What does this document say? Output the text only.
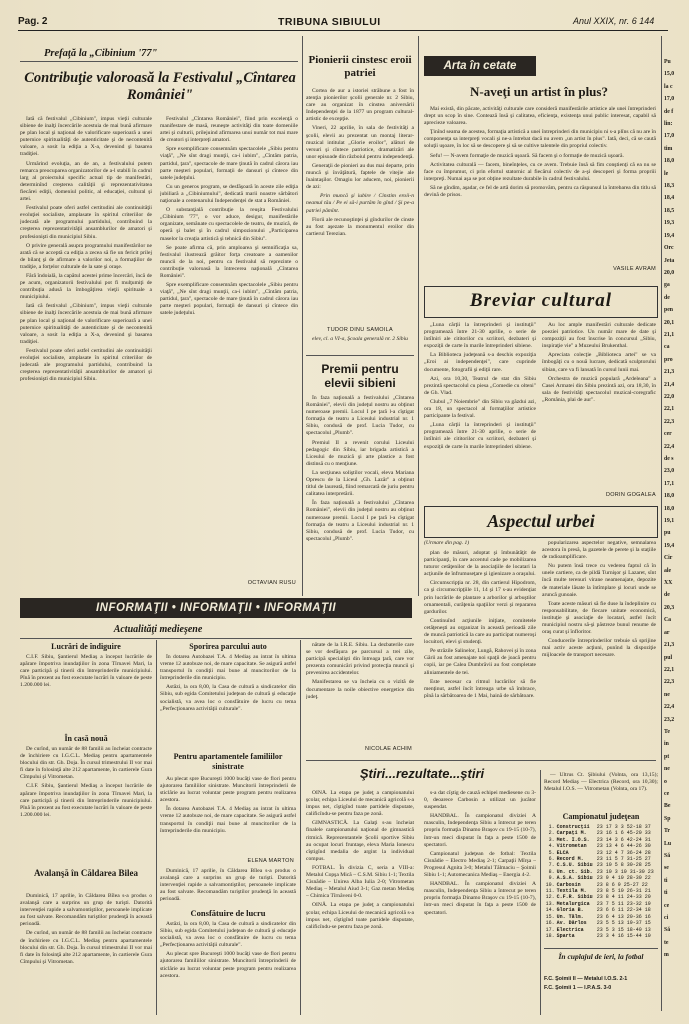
Pag. 2	TRIBUNA SIBIULUI	Anul XXIX, nr. 6 144
Prefaţă la „Cibinium '77"
Contribuţie valoroasă la Festivalul „Cîntarea României"

Iată că festivalul „Cibinium", impus vieţii culturale sibiene de ínalţi încercările acestuia de mai bună afirmare pe plan local şi naţional de valorificare superioară a unei puternice spiritualităţi de autenticitate şi de necontenită valoare, a sosit la ediţia a X-a, devenind şi basarea tradiţiei.

Urmărind evoluţia, an de an, a festivalului putem remarca preocuparea organizatorilor de a-l stabili în cadrul larg al proiectului specific actual tip de manifestări, determinînd creşterea calităţii şi reprezentativitatea fiecărei ediţii, domeniul politic, al educaţiei, cultural şi artei.

Festivalul poate oferi astfel certitudini ale continuităţii evoluţiei socialiste, amplasate în spiritul criteriilor de judecată ale programului partidului, contribuind la creşterea reprezentativităţii ansamblurilor de amatori şi profesionişti din municipiul Sibiu.

O privire generală asupra programului manifestărilor ne arată că se acceptă ca ediţia a zecea să fie un fericit prilej de bilanţ şi de afirmare a valorilor noi, a formaţiilor de tradiţie, a forţelor culturale de la sate şi oraşe.

Fără îndoială, la capătul acestei prime încercări, încă de pe acum, organizatorii festivalului pot fi mulţumiţi de contribuţia adusă la îmbogăţirea vieţii spirituale a municipiului.

Iată că festivalul „Cibinium", impus vieţii culturale sibiene de ínalţi încercările acestuia de mai bună afirmare pe plan local şi naţional de valorificare superioară a unei puternice spiritualităţi de autenticitate şi de necontenită valoare, a sosit la ediţia a X-a, devenind şi basarea tradiţiei.

Festivalul poate oferi astfel certitudini ale continuităţii evoluţiei socialiste, amplasate în spiritul criteriilor de judecată ale programului partidului, contribuind la creşterea reprezentativităţii ansamblurilor de amatori şi profesionişti din municipiul Sibiu.

Festivalul „Cîntarea României", fiind prin excelenţă o manifestare de masă, reuneşte activităţi din toate domeniile artei şi culturii, prilejuind afirmarea unui număr tot mai mare de creatori şi interpreţi amatori.

Spre exemplificare consemnăm spectacolele „Sibiu pentru viaţă", „Ne sînt dragi munţii, ca-i iubim", „Cîntăm patria, partidul, ţara", spectacole de mare ţinută în cadrul cărora iau parte meşteri populari, formaţii de dansuri şi cîntece din satele judeţului.

Cu un generos program, se desfăşoară în aceste zile ediţia jubiliară a „Cibiniumului", dedicată marii noastre sărbători naţionale a centenarului Independenţei de stat a României.

O substanţială contribuţie la reuşita Festivalului „Cibinium '77", o vor aduce, desigur, manifestările organizate, semănate cu spectacolele de teatru, de muzică, de operă şi balet şi în cadrul simpozionului „Participarea maselor la creaţia artistică şi tehnică din Sibiu".

Se poate afirma că, prin amploarea şi semnificaţia sa, festivalul ilustrează grăitor forţa creatoare a oamenilor muncii de la noi, pentru ca festivalul să reprezinte o contribuţie valoroasă la întrecerea naţională „Cîntarea României".

Spre exemplificare consemnăm spectacolele „Sibiu pentru viaţă", „Ne sînt dragi munţii, ca-i iubim", „Cîntăm patria, partidul, ţara", spectacole de mare ţinută în cadrul cărora iau parte meşteri populari, formaţii de dansuri şi cîntece din satele judeţului.

OCTAVIAN RUSU
Pionierii cinstesc eroii patriei

Cortea de aur a istoriei străbune a fost în atenţia pionierilor şcolii generale nr. 2 Sibiu, care au organizat în cinstea aniversării Independenţei de la 1877 un program cultural-artistic de excepţie.

Vineri, 22 aprilie, în sala de festivităţi a şcolii, elevii au prezentat un montaj literar-muzical intitulat „Glorie eroilor", alături de versuri şi cîntece patriotice, dramatizări ale unor episoade din războiul pentru independenţă.

Generaţii de pionieri au dus mai departe, prin muncă şi învăţătură, faptele de vitejie ale înaintaşilor. Omagiu lor aducem, noi, pionierii de azi:

Prin muncă şi iubire / Cinstim eroii-n neamul tău / Pe ei să-i purtăm în gînd / Şi pe-a patriei pămînt.

Florii ale recunoştinţei şi gîndurilor de cinste au fost aşezate la monumentul eroilor din cartierul Terezian.

TUDOR DINU SAMOILA
elev, cl. a VI-a, Şcoala generală nr. 2 Sibiu
Premii pentru elevii sibieni

În faza naţională a festivalului „Cîntarea României", elevii din judeţul nostru au obţinut numeroase premii. Locul I pe ţară l-a cîştigat formaţia de teatru a Liceului industrial nr. 1 Sibiu, condusă de prof. Lucia Tudor, cu spectacolul „Plumb".

Premiul II a revenit corului Liceului pedagogic din Sibiu, iar brigada artistică a Liceului de muzică şi arte plastice a fost distinsă cu o menţiune.

La secţiunea soliştilor vocali, eleva Mariana Oprescu de la Liceul „Gh. Lazăr" a obţinut titlul de laureată, fiind remarcată de juriu pentru calitatea interpretării.

În faza naţională a festivalului „Cîntarea României", elevii din judeţul nostru au obţinut numeroase premii. Locul I pe ţară l-a cîştigat formaţia de teatru a Liceului industrial nr. 1 Sibiu, condusă de prof. Lucia Tudor, cu spectacolul „Plumb".

Arta în cetate
N-aveţi un artist în plus?

Mai există, din păcate, activităţi culturale care consideră manifestările artistice ale unei întreprinderi drept un scop în sine. Contează însă şi calitatea, eficienţa, existenţa unui public interesat, capabil să aprecieze valoarea.

Ţinînd seama de acestea, formaţia artistică a unei întreprinderi din municipiu ni s-a plîns că nu are în componenţa sa interpreţi vocali şi ne-a întrebat dacă nu avem „un artist în plus". Iată, deci, că se caută soluţii uşoare, în loc să se descopere şi să se cultive talentele din propriul colectiv.

Sefu! — N-avem formaţie de muzică uşoară. Să facem şi o formaţie de muzică uşoară.

Activitatea culturală — facem, bineînţeles, cu ce avem. Trebuie însă să fim conştienţi că ea nu se face cu împrumut, ci prin efortul statornic al fiecărui colectiv de a-şi descoperi şi forma propriii interpreţi. Numai aşa se pot obţine rezultate durabile în cadrul festivalului.

Să ne gîndim, aşadar, ce fel de artă dorim să promovăm, pentru ca răspunsul la întrebarea din titlu să devină de prisos.

VASILE AVRAM
Breviar cultural

„Luna cărţii la întreprinderi şi instituţii" programează între 21-30 aprilie, o serie de întîlniri ale cititorilor cu scriitori, dezbateri şi expoziţii de carte în marile întreprinderi sibiene.

La Biblioteca judeţeană s-a deschis expoziţia „Eroi ai independenţei", care cuprinde documente, fotografii şi ediţii rare.

Azi, ora 10,30, Teatrul de stat din Sibiu prezintă spectacolul cu piesa „Comedie cu olteni" de Gh. Vlad.

Clubul „7 Noiembrie" din Sibiu va găzdui azi, ora 18, un spectacol al formaţiilor artistice participante la festival.

„Luna cărţii la întreprinderi şi instituţii" programează între 21-30 aprilie, o serie de întîlniri ale cititorilor cu scriitori, dezbateri şi expoziţii de carte în marile întreprinderi sibiene.

Au loc ample manifestări culturale dedicate poeziei patriotice. Un număr mare de date şi compoziţii au fost înscrise în concursul „Sibiu, inspiraţie vie" a Muzeului Brukenthal.

Apreciata colecţie „Biblioteca artei" se va îmbogăţi cu o nouă lucrare, dedicată sculptorului sibian, care va fi lansată în cursul lunii mai.

Orchestra de muzică populară „Ardeleana" a Casei Armatei din Sibiu prezintă azi, ora 18,30, în sala de festivităţi spectacolul muzical-coregrafic „România, plai de aur".

DORIN GOGALEA
Aspectul urbei
(Urmare din pag. 1)

plan de măsuri, adoptat şi îmbunătăţit de participanţi, în care accentul cade pe mobilizarea tuturor cetăţenilor de la asociaţiile de locatari la acţiunile de înfrumuseţare şi igienizare a oraşului.

Circumscripţia nr. 28, din cartierul Hipodrom, ca şi circumscripţiile 11, 14 şi 17 s-au evidenţiat prin lucrările de plantare a arborilor şi arbuştilor ornamentali, curăţenia spaţiilor verzi şi repararea gardurilor.

Continuînd acţiunile iniţiate, comitetele cetăţeneşti au organizat în această perioadă zile de muncă patriotică la care au participat numeroşi locuitori, elevi şi studenţi.

Pe străzile Salinelor, Lungă, Rahovei şi în zona Gării au fost amenajate noi spaţii de joacă pentru copii, iar pe Calea Dumbrăvii au fost completate aliniamentele de tei.

Este necesar ca ritmul lucrărilor să fie menţinut, astfel încît întreaga urbe să îmbrace, pînă la sărbătoarea de 1 Mai, haină de sărbătoare.

popularizarea aspectelor negative, semnalarea acestora în presă, la gazetele de perete şi la staţiile de radioamplificare.

Nu putem însă trece cu vederea faptul că în unele cartiere, ca de pildă Turnişor şi Lazaret, sînt încă multe terenuri virane neamenajate, depozite de materiale lăsate la întîmplare şi locuri unde se aruncă gunoaie.

Toate aceste măsuri să fie duse la îndeplinire cu responsabilitate, de fiecare unitate economică, instituţie şi asociaţie de locatari, astfel încît municipiul nostru să-şi păstreze bunul renume de oraş curat şi înfloritor.

Conducerile întreprinderilor trebuie să sprijine mai activ aceste acţiuni, punînd la dispoziţie mijloacele de transport necesare.

Pu
15,0
la c
17,0
de f
lin:
17,0
tim
18,0
le
18,3
18,4
18,5
19,3
19,4
Orc
Jeta
20,0
ga
de
pen
20,1
21,1
ca
pro
21,3
21,4
22,0
22,1
22,3
cer
22,4
de s
23,0
17,1
18,0
18,0
19,1
pu
19,4
Cir
ale
XX
de
20,3
Ca
ar
21,3
pul
22,1
22,3
ne
22,4
23,2
Te
in
pt
ne
o
ce
Be
Sp
Tr
Lu
Să
se
ti
ti
ce
ci
Să
te
m
INFORMAŢII • INFORMAŢII • INFORMAŢII
Actualităţi medieşene
Lucrări de îndiguire

C.I.F. Sibiu, Şantierul Mediaş a început lucrările de apărare împotriva inundaţiilor în zona Tîrnavei Mari, la care participă şi tinerii din întreprinderile municipiului. Pînă în prezent au fost executate lucrări în valoare de peste 1.200.000 lei.

În casă nouă

De curînd, un număr de 88 familii au încheiat contracte de închiriere cu I.G.C.L. Mediaş pentru apartamentele blocului din str. Gh. Doja. În cursul trimestrului II vor mai fi date în folosinţă alte 212 apartamente, în cartierele Gura Cîmpului şi Vitrometan.

C.I.F. Sibiu, Şantierul Mediaş a început lucrările de apărare împotriva inundaţiilor în zona Tîrnavei Mari, la care participă şi tinerii din întreprinderile municipiului. Pînă în prezent au fost executate lucrări în valoare de peste 1.200.000 lei.

Avalanşă în Căldarea Bilea

Duminică, 17 aprilie, în Căldarea Bîlea s-a produs o avalanşă care a surprins un grup de turişti. Datorită intervenţiei rapide a salvamontiştilor, persoanele implicate au fost salvate. Recomandăm turiştilor prudenţă în această perioadă.

De curînd, un număr de 88 familii au încheiat contracte de închiriere cu I.G.C.L. Mediaş pentru apartamentele blocului din str. Gh. Doja. În cursul trimestrului II vor mai fi date în folosinţă alte 212 apartamente, în cartierele Gura Cîmpului şi Vitrometan.

Sporirea parcului auto

În dotarea Autobazei T.A. 4 Mediaş au intrat în ultima vreme 12 autobuze noi, de mare capacitate. Se asigură astfel transportul în condiţii mai bune al muncitorilor de la întreprinderile din municipiu.

Astăzi, la ora 8,00, la Casa de cultură a sindicatelor din Sibiu, sub egida Comitetului judeţean de cultură şi educaţie socialistă, va avea loc o consfătuire de lucru cu tema „Perfecţionarea activităţii culturale".

Pentru apartamentele familiilor sinistrate

Au plecat spre Bucureşti 1000 bucăţi vase de flori pentru ajutorarea familiilor sinistrate. Muncitorii întreprinderii de sticlărie au lucrat voluntar peste program pentru realizarea acestora.

În dotarea Autobazei T.A. 4 Mediaş au intrat în ultima vreme 12 autobuze noi, de mare capacitate. Se asigură astfel transportul în condiţii mai bune al muncitorilor de la întreprinderile din municipiu.

ELENA MARTON

Duminică, 17 aprilie, în Căldarea Bîlea s-a produs o avalanşă care a surprins un grup de turişti. Datorită intervenţiei rapide a salvamontiştilor, persoanele implicate au fost salvate. Recomandăm turiştilor prudenţă în această perioadă.

Consfătuire de lucru

Astăzi, la ora 8,00, la Casa de cultură a sindicatelor din Sibiu, sub egida Comitetului judeţean de cultură şi educaţie socialistă, va avea loc o consfătuire de lucru cu tema „Perfecţionarea activităţii culturale".

Au plecat spre Bucureşti 1000 bucăţi vase de flori pentru ajutorarea familiilor sinistrate. Muncitorii întreprinderii de sticlărie au lucrat voluntar peste program pentru realizarea acestora.

nătate de la I.R.E. Sibiu. La dezbaterile care se vor desfăşura pe parcursul a trei zile, participă specialişti din întreaga ţară, care vor prezenta comunicări privind protecţia muncii şi prevenirea accidentelor.

Manifestarea se va încheia cu o vizită de documentare la noile obiective energetice din judeţ.

NICOLAE ACHIM
Ştiri...rezultate...ştiri

OINĂ. La etapa pe judeţ a campionatului şcolar, echipa Liceului de mecanică agricolă s-a impus net, cîştigînd toate partidele disputate, calificîndu-se pentru faza pe zonă.

GIMNASTICĂ. La Galaţi s-au încheiat finalele campionatului naţional de gimnastică ritmică. Reprezentantele Şcolii sportive Sibiu au ocupat locuri fruntaşe, eleva Maria Ionescu cîştigînd medalia de argint la individual compus.

FOTBAL. În divizia C, seria a VIII-a: Metalul Copşa Mică – C.S.M. Sibiu 1-1; Textila Cisnădie – Unirea Alba Iulia 2-0; Vitrometan Mediaş – Metalul Aiud 3-1; Gaz metan Mediaş – Chimica Tîrnăveni 0-0.

OINĂ. La etapa pe judeţ a campionatului şcolar, echipa Liceului de mecanică agricolă s-a impus net, cîştigînd toate partidele disputate, calificîndu-se pentru faza pe zonă.

s-a dat cîştig de cauză echipei mediesene cu 3-0, deoarece Carbosin a utilizat un jucător suspendat.

HANDBAL. În campionatul diviziei A masculin, Independenţa Sibiu a întrecut pe teren propriu formaţia Dinamo Braşov cu 19-15 (10-7), într-un meci disputat în faţa a peste 1500 de spectatori.

Campionatul judeţean de fotbal: Textila Cisnădie – Electro Mediaş 2-1; Carpaţii Mîrşa – Progresul Agnita 3-0; Metalul Tălmaciu – Şoimii Sibiu 1-1; Automecanica Mediaş – Energia 4-2.

HANDBAL. În campionatul diviziei A masculin, Independenţa Sibiu a întrecut pe teren propriu formaţia Dinamo Braşov cu 19-15 (10-7), într-un meci disputat în faţa a peste 1500 de spectatori.

— Ultrus Ct. Şibiului (Volnta, ora 13,15); Record Mediaş — Electrica (Record, ora 10,30); Metalul I.O.S. — Vitrometan (Volnta, ora 17).

Campionatul judeţean
1.	Construcţii	23 17 3 3 52-18 37
2.	Carpaţi M.	23 16 1 6 45-20 33
3.	Met. I.O.S.	23 14 3 6 42-24 31
4.	Vitrometan	23 13 4 6 44-26 30
5.	ELCA	23 12 4 7 36-24 28
6.	Record M.	23 11 5 7 31-25 27
7.	C.S.U. Sibiu	23 10 5 8 30-28 25
8.	Un. ct. Sib.	23 10 3 10 31-30 23
9.	A.S.A. Sibiu	23 9 4 10 28-30 22
10.	Carbosin	23 8 6 9 25-27 22
11.	Textila M.	23 8 5 10 26-31 21
12.	C.F.R. Sibiu	23 8 4 11 24-33 20
13.	Metalurgica	23 7 5 11 23-32 19
14.	Gloria B.	23 6 6 11 22-34 18
15.	Un. Tălm.	23 6 4 13 20-36 16
16.	Av. Dârlos	23 5 5 13 19-37 15
17.	Electrica	23 5 3 15 18-40 13
18.	Sparta	23 3 4 16 15-44 10
În cuplajul de ieri, la fotbal
F.C. Şoimii II — Metalul I.O.S. 2-1
F.C. Şoimii 1 — I.P.A.S. 3-0
